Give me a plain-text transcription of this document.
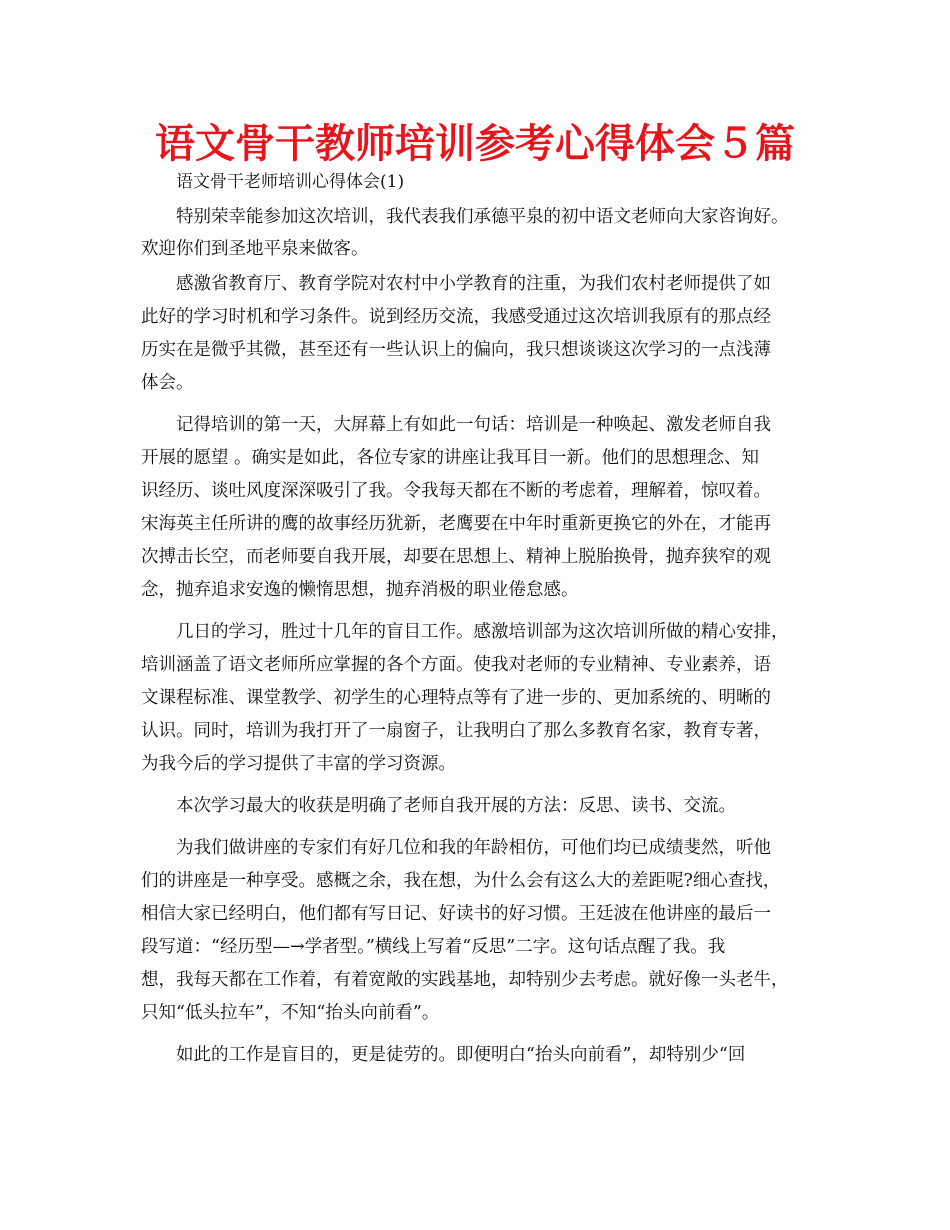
语文骨干教师培训参考心得体会５篇
语文骨干老师培训心得体会(1)
特别荣幸能参加这次培训，我代表我们承德平泉的初中语文老师向大家咨询好。
欢迎你们到圣地平泉来做客。
感激省教育厅、教育学院对农村中小学教育的注重，为我们农村老师提供了如
此好的学习时机和学习条件。说到经历交流，我感受通过这次培训我原有的那点经
历实在是微乎其微，甚至还有一些认识上的偏向，我只想谈谈这次学习的一点浅薄
体会。
记得培训的第一天，大屏幕上有如此一句话：培训是一种唤起、激发老师自我
开展的愿望 。确实是如此，各位专家的讲座让我耳目一新。他们的思想理念、知
识经历、谈吐风度深深吸引了我。令我每天都在不断的考虑着，理解着，惊叹着。
宋海英主任所讲的鹰的故事经历犹新，老鹰要在中年时重新更换它的外在，才能再
次搏击长空，而老师要自我开展，却要在思想上、精神上脱胎换骨，抛弃狭窄的观
念，抛弃追求安逸的懒惰思想，抛弃消极的职业倦怠感。
几日的学习，胜过十几年的盲目工作。感激培训部为这次培训所做的精心安排，
培训涵盖了语文老师所应掌握的各个方面。使我对老师的专业精神、专业素养，语
文课程标准、课堂教学、初学生的心理特点等有了进一步的、更加系统的、明晰的
认识。同时，培训为我打开了一扇窗子，让我明白了那么多教育名家，教育专著，
为我今后的学习提供了丰富的学习资源。
本次学习最大的收获是明确了老师自我开展的方法：反思、读书、交流。
为我们做讲座的专家们有好几位和我的年龄相仿，可他们均已成绩斐然，听他
们的讲座是一种享受。感概之余，我在想，为什么会有这么大的差距呢?细心查找，
相信大家已经明白，他们都有写日记、好读书的好习惯。王廷波在他讲座的最后一
段写道：“经历型—→学者型。”横线上写着“反思”二字。这句话点醒了我。我
想，我每天都在工作着，有着宽敞的实践基地，却特别少去考虑。就好像一头老牛，
只知“低头拉车”，不知“抬头向前看”。
如此的工作是盲目的，更是徒劳的。即便明白“抬头向前看”，却特别少“回
